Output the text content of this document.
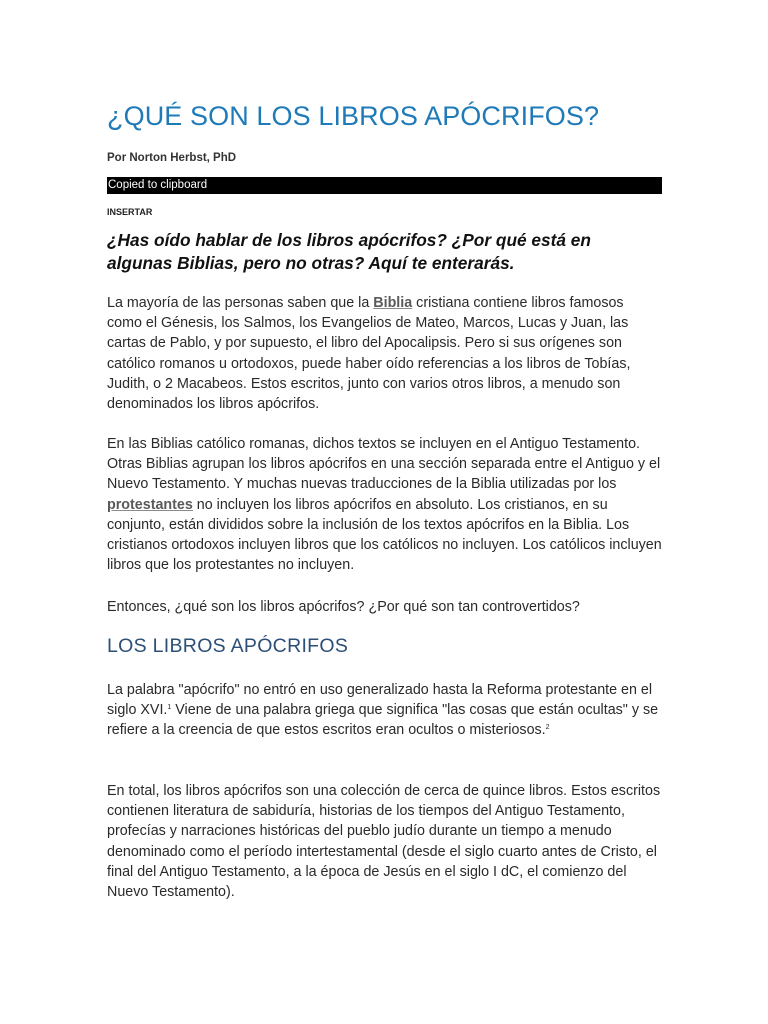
¿QUÉ SON LOS LIBROS APÓCRIFOS?
Por Norton Herbst, PhD
Copied to clipboard
INSERTAR

¿Has oído hablar de los libros apócrifos? ¿Por qué está en algunas Biblias, pero no otras? Aquí te enterarás.

La mayoría de las personas saben que la Biblia cristiana contiene libros famosos como el Génesis, los Salmos, los Evangelios de Mateo, Marcos, Lucas y Juan, las cartas de Pablo, y por supuesto, el libro del Apocalipsis. Pero si sus orígenes son católico romanos u ortodoxos, puede haber oído referencias a los libros de Tobías, Judith, o 2 Macabeos. Estos escritos, junto con varios otros libros, a menudo son denominados los libros apócrifos.

En las Biblias católico romanas, dichos textos se incluyen en el Antiguo Testamento. Otras Biblias agrupan los libros apócrifos en una sección separada entre el Antiguo y el Nuevo Testamento. Y muchas nuevas traducciones de la Biblia utilizadas por los protestantes no incluyen los libros apócrifos en absoluto. Los cristianos, en su conjunto, están divididos sobre la inclusión de los textos apócrifos en la Biblia. Los cristianos ortodoxos incluyen libros que los católicos no incluyen. Los católicos incluyen libros que los protestantes no incluyen.

Entonces, ¿qué son los libros apócrifos? ¿Por qué son tan controvertidos?

LOS LIBROS APÓCRIFOS

La palabra "apócrifo" no entró en uso generalizado hasta la Reforma protestante en el siglo XVI.$^1$ Viene de una palabra griega que significa "las cosas que están ocultas" y se refiere a la creencia de que estos escritos eran ocultos o misteriosos.$^2$

En total, los libros apócrifos son una colección de cerca de quince libros. Estos escritos contienen literatura de sabiduría, historias de los tiempos del Antiguo Testamento, profecías y narraciones históricas del pueblo judío durante un tiempo a menudo denominado como el período intertestamental (desde el siglo cuarto antes de Cristo, el final del Antiguo Testamento, a la época de Jesús en el siglo I dC, el comienzo del Nuevo Testamento).
